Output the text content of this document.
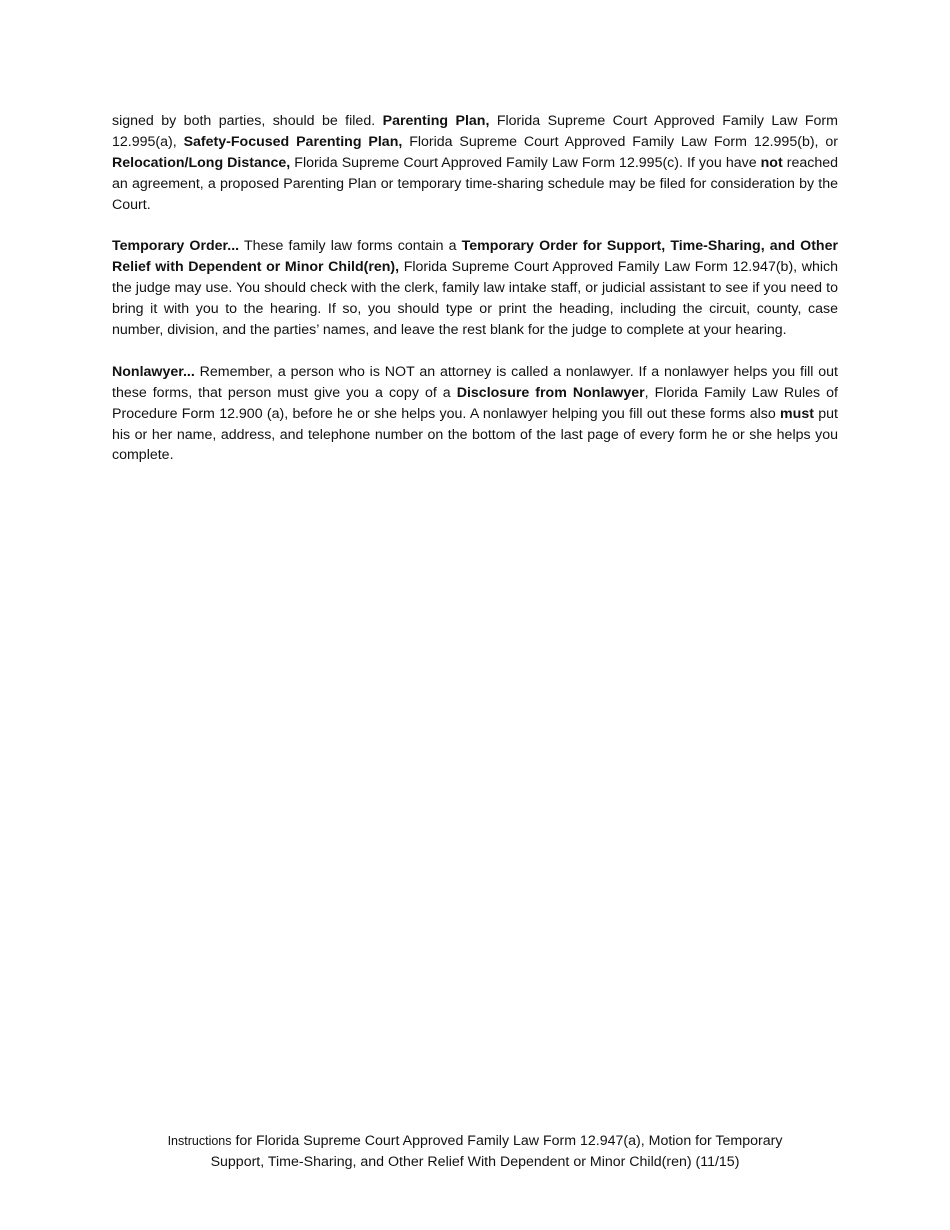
signed by both parties, should be filed. Parenting Plan, Florida Supreme Court Approved Family Law Form 12.995(a), Safety-Focused Parenting Plan, Florida Supreme Court Approved Family Law Form 12.995(b), or Relocation/Long Distance, Florida Supreme Court Approved Family Law Form 12.995(c). If you have not reached an agreement, a proposed Parenting Plan or temporary time-sharing schedule may be filed for consideration by the Court.

Temporary Order... These family law forms contain a Temporary Order for Support, Time-Sharing, and Other Relief with Dependent or Minor Child(ren), Florida Supreme Court Approved Family Law Form 12.947(b), which the judge may use. You should check with the clerk, family law intake staff, or judicial assistant to see if you need to bring it with you to the hearing. If so, you should type or print the heading, including the circuit, county, case number, division, and the parties’ names, and leave the rest blank for the judge to complete at your hearing.

Nonlawyer... Remember, a person who is NOT an attorney is called a nonlawyer. If a nonlawyer helps you fill out these forms, that person must give you a copy of a Disclosure from Nonlawyer, Florida Family Law Rules of Procedure Form 12.900 (a), before he or she helps you. A nonlawyer helping you fill out these forms also must put his or her name, address, and telephone number on the bottom of the last page of every form he or she helps you complete.

Instructions for Florida Supreme Court Approved Family Law Form 12.947(a), Motion for Temporary
Support, Time-Sharing, and Other Relief With Dependent or Minor Child(ren) (11/15)
